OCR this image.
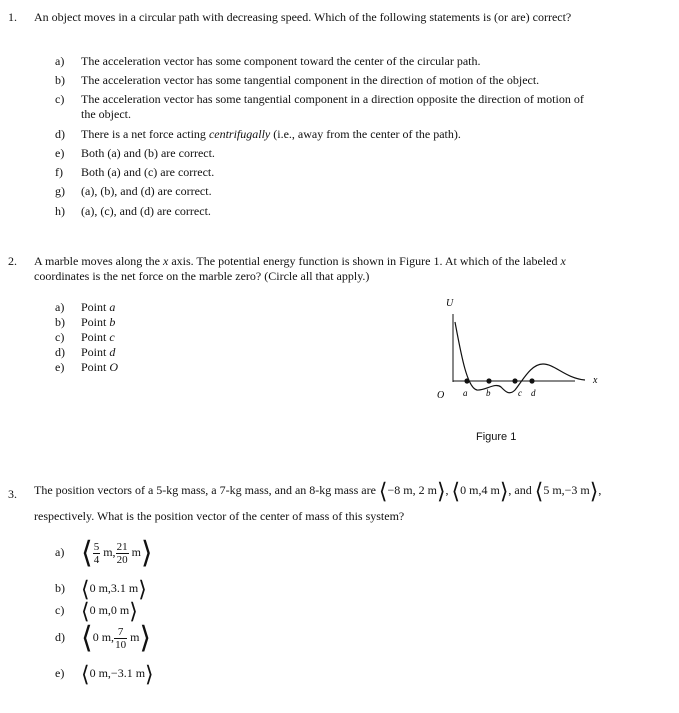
1. An object moves in a circular path with decreasing speed. Which of the following statements is (or are) correct?
a) The acceleration vector has some component toward the center of the circular path.
b) The acceleration vector has some tangential component in the direction of motion of the object.
c) The acceleration vector has some tangential component in a direction opposite the direction of motion of the object.
d) There is a net force acting centrifugally (i.e., away from the center of the path).
e) Both (a) and (b) are correct.
f) Both (a) and (c) are correct.
g) (a), (b), and (d) are correct.
h) (a), (c), and (d) are correct.
2. A marble moves along the x axis. The potential energy function is shown in Figure 1. At which of the labeled x
coordinates is the net force on the marble zero? (Circle all that apply.)
a) Point a
b) Point b
c) Point c
d) Point d
e) Point O
U
x
O a b	c d
Figure 1
3. The position vectors of a 5-kg mass, a 7-kg mass, and an 8-kg mass are ⟨−8 m, 2 m⟩, ⟨0 m,4 m⟩, and ⟨5 m,−3 m⟩,
respectively. What is the position vector of the center of mass of this system?
a) ⟨ $\frac{5}{4} m$, $\frac{21}{20}$ m⟩
b) ⟨0 m,3.1 m⟩
c) ⟨0 m,0 m⟩
d) ⟨0 m, $\frac{7}{10}$ m⟩
e) ⟨0 m,−3.1 m⟩
